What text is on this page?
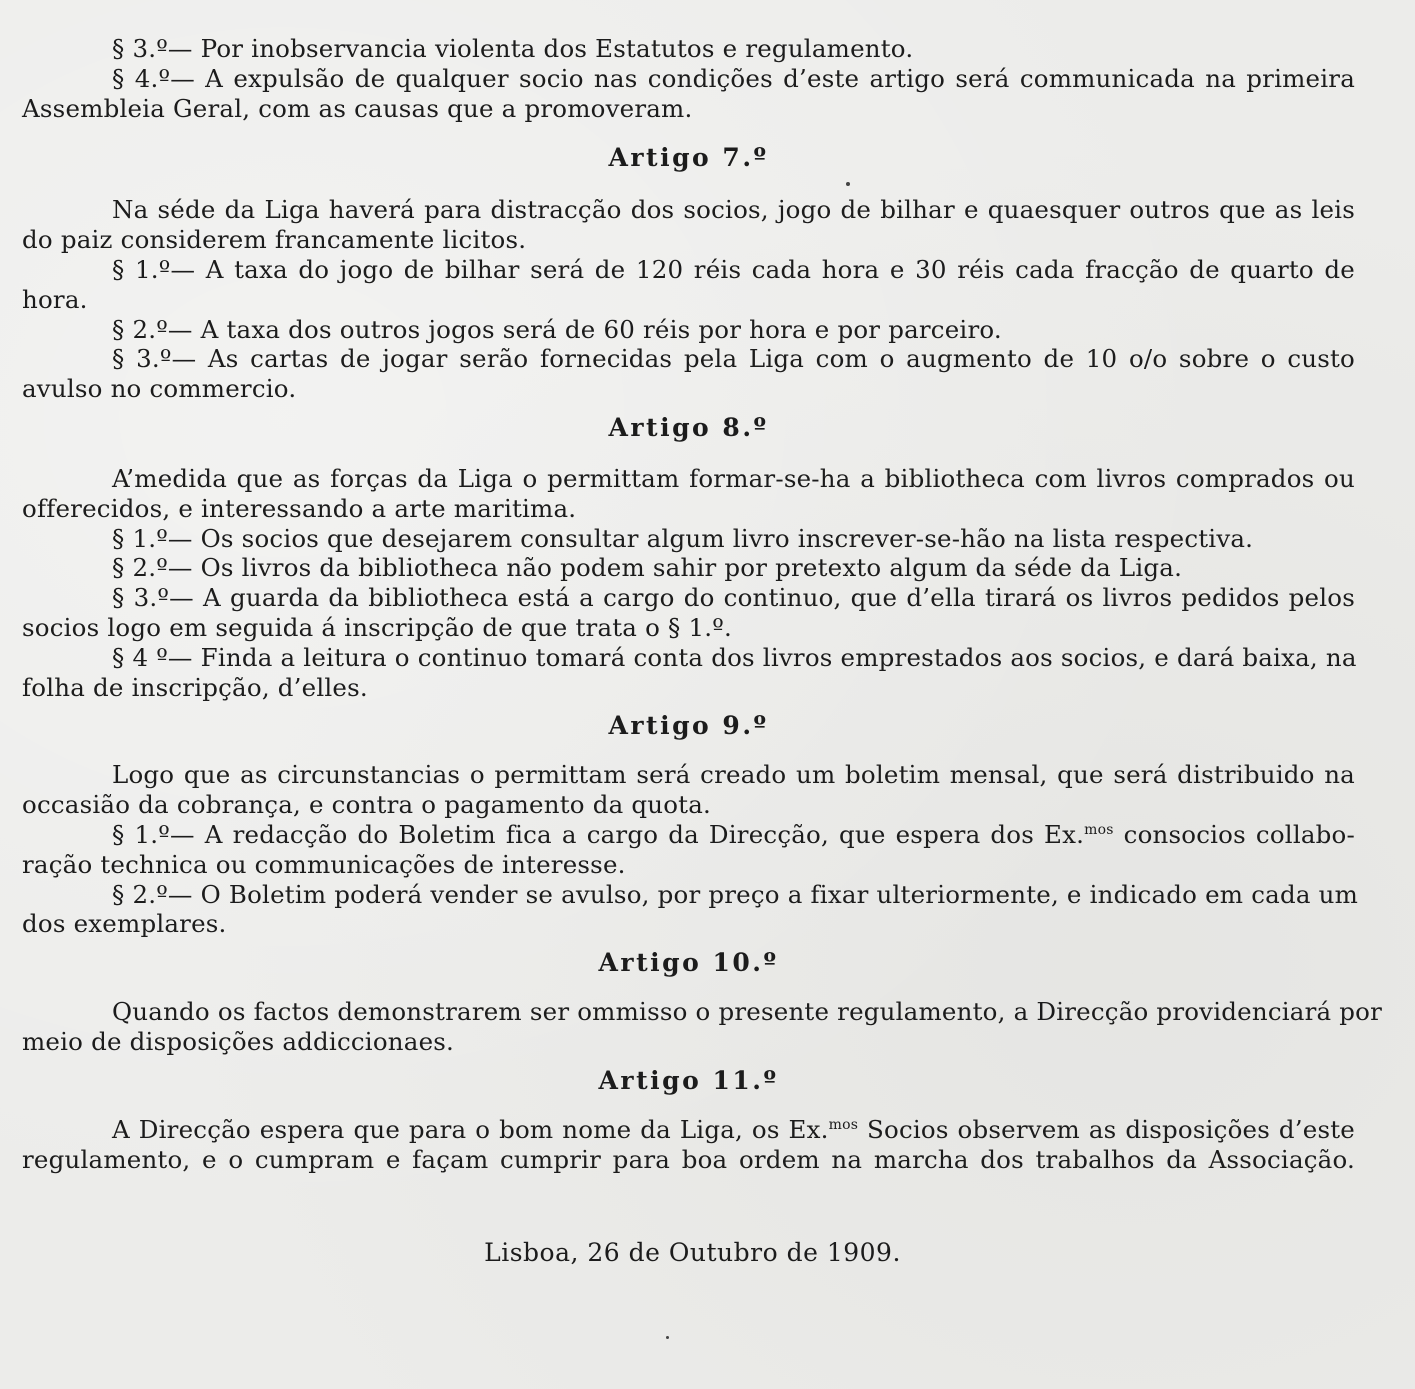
§ 3.º— Por inobservancia violenta dos Estatutos e regulamento.
§ 4.º— A expulsão de qualquer socio nas condições d’este artigo será communicada na primeira
Assembleia Geral, com as causas que a promoveram.
Artigo 7.º
Na séde da Liga haverá para distracção dos socios, jogo de bilhar e quaesquer outros que as leis
do paiz considerem francamente licitos.
§ 1.º— A taxa do jogo de bilhar será de 120 réis cada hora e 30 réis cada fracção de quarto de
hora.
§ 2.º— A taxa dos outros jogos será de 60 réis por hora e por parceiro.
§ 3.º— As cartas de jogar serão fornecidas pela Liga com o augmento de 10 o/o sobre o custo
avulso no commercio.
Artigo 8.º
A’medida que as forças da Liga o permittam formar-se-ha a bibliotheca com livros comprados ou
offerecidos, e interessando a arte maritima.
§ 1.º— Os socios que desejarem consultar algum livro inscrever-se-hão na lista respectiva.
§ 2.º— Os livros da bibliotheca não podem sahir por pretexto algum da séde da Liga.
§ 3.º— A guarda da bibliotheca está a cargo do continuo, que d’ella tirará os livros pedidos pelos
socios logo em seguida á inscripção de que trata o § 1.º.
§ 4 º— Finda a leitura o continuo tomará conta dos livros emprestados aos socios, e dará baixa, na
folha de inscripção, d’elles.
Artigo 9.º
Logo que as circunstancias o permittam será creado um boletim mensal, que será distribuido na
occasião da cobrança, e contra o pagamento da quota.
§ 1.º— A redacção do Boletim fica a cargo da Direcção, que espera dos Ex.$^{mos}$ consocios collabo-
ração technica ou communicações de interesse.
§ 2.º— O Boletim poderá vender se avulso, por preço a fixar ulteriormente, e indicado em cada um
dos exemplares.
Artigo 10.º
Quando os factos demonstrarem ser ommisso o presente regulamento, a Direcção providenciará por
meio de disposições addiccionaes.
Artigo 11.º
A Direcção espera que para o bom nome da Liga, os Ex.$^{mos}$ Socios observem as disposições d’este
regulamento, e o cumpram e façam cumprir para boa ordem na marcha dos trabalhos da Associação.
Lisboa, 26 de Outubro de 1909.
